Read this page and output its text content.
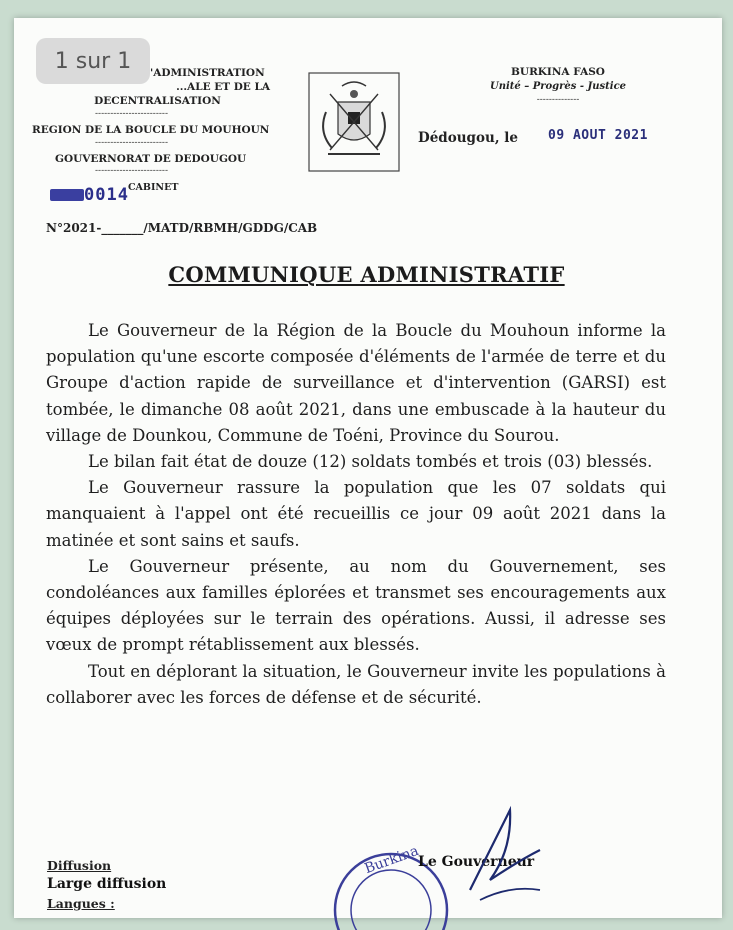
1 sur 1	'ADMINISTRATION
...ALE ET DE LA
DECENTRALISATION
------------------------
REGION DE LA BOUCLE DU MOUHOUN
------------------------
GOUVERNORAT DE DEDOUGOU
------------------------
BURKINA FASO
Unité – Progrès - Justice
--------------
Dédougou, le 09 AOUT 2021
0014 CABINET
N°2021-_______/MATD/RBMH/GDDG/CAB
COMMUNIQUE ADMINISTRATIF

Le Gouverneur de la Région de la Boucle du Mouhoun informe la population qu'une escorte composée d'éléments de l'armée de terre et du Groupe d'action rapide de surveillance et d'intervention (GARSI) est tombée, le dimanche 08 août 2021, dans une embuscade à la hauteur du village de Dounkou, Commune de Toéni, Province du Sourou.

Le bilan fait état de douze (12) soldats tombés et trois (03) blessés.

Le Gouverneur rassure la population que les 07 soldats qui manquaient à l'appel ont été recueillis ce jour 09 août 2021 dans la matinée et sont sains et saufs.

Le Gouverneur présente, au nom du Gouvernement, ses condoléances aux familles éplorées et transmet ses encouragements aux équipes déployées sur le terrain des opérations. Aussi, il adresse ses vœux de prompt rétablissement aux blessés.

Tout en déplorant la situation, le Gouverneur invite les populations à collaborer avec les forces de défense et de sécurité.

Diffusion
Large diffusion
Langues :
Burkina
Le Gouverneur
